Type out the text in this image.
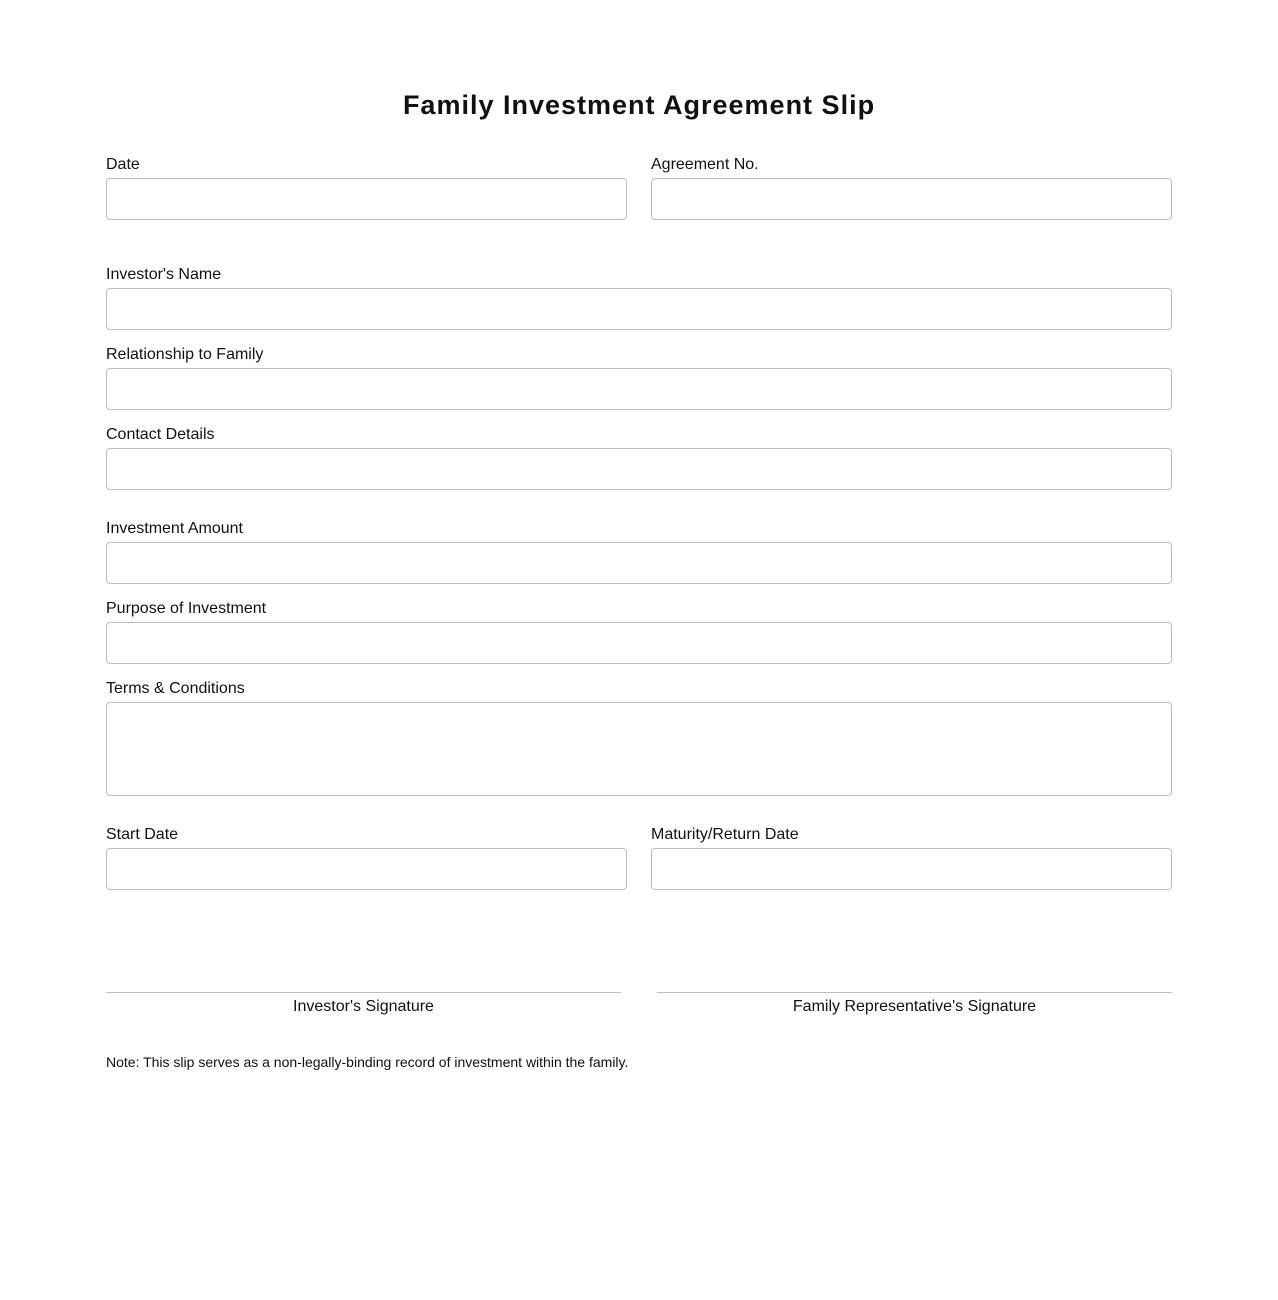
Family Investment Agreement Slip
Date	Agreement No.
Investor's Name
Relationship to Family
Contact Details
Investment Amount
Purpose of Investment
Terms & Conditions
Start Date	Maturity/Return Date
Investor's Signature	Family Representative's Signature
Note: This slip serves as a non-legally-binding record of investment within the family.
